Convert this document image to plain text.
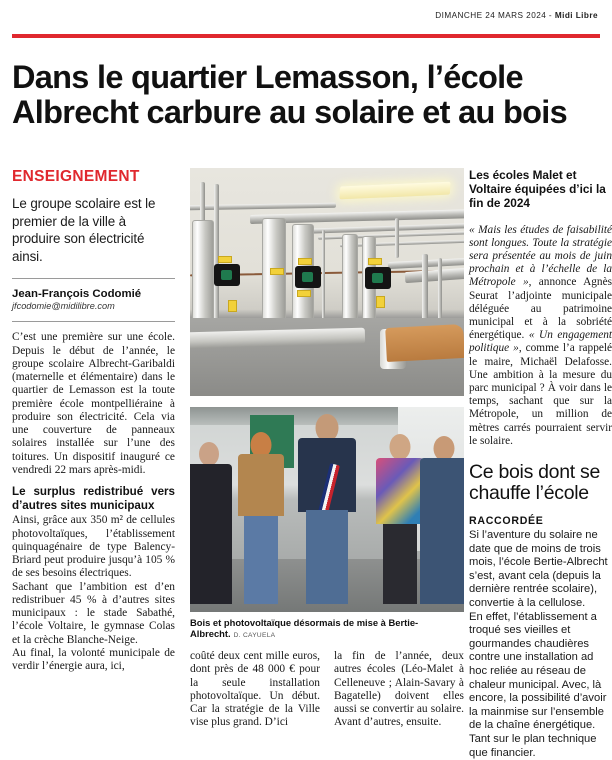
DIMANCHE 24 MARS 2024 - Midi Libre
Dans le quartier Lemasson, l’école Albrecht carbure au solaire et au bois
ENSEIGNEMENT
Le groupe scolaire est le premier de la ville à produire son électricité ainsi.
Jean-François Codomié
jfcodomie@midilibre.com

C’est une première sur une école. Depuis le début de l’année, le groupe scolaire Albrecht-Garibaldi (maternelle et élémentaire) dans le quartier de Lemasson est la toute première école montpelliéraine à produire son électricité. Cela via une couverture de panneaux solaires installée sur l’une des toitures. Un dispositif inauguré ce vendredi 22 mars après-midi.

Le surplus redistribué vers d’autres sites municipaux

Ainsi, grâce aux 350 m² de cellules photovoltaïques, l’établissement quinquagénaire de type Balency-Briard peut produire jusqu’à 105 % de ses besoins électriques.

Sachant que l’ambition est d’en redistribuer 45 % à d’autres sites municipaux : le stade Sabathé, l’école Voltaire, le gymnase Colas et la crèche Blanche-Neige.

Au final, la volonté municipale de verdir l’énergie aura, ici,

Bois et photovoltaïque désormais de mise à Bertie-Albrecht. D. CAYUELA

coûté deux cent mille euros, dont près de 48 000 € pour la seule installation photovoltaïque. Un début. Car la stratégie de la Ville vise plus grand. D’ici

la fin de l’année, deux autres écoles (Léo-Malet à Celleneuve ; Alain-Savary à Bagatelle) doivent elles aussi se convertir au solaire. Avant d’autres, ensuite.

Les écoles Malet et Voltaire équipées d’ici la fin de 2024

« Mais les études de faisabilité sont longues. Toute la stratégie sera présentée au mois de juin prochain et à l’échelle de la Métropole », annonce Agnès Seurat l’adjointe municipale déléguée au patrimoine municipal et à la sobriété énergétique. « Un engagement politique », comme l’a rappelé le maire, Michaël Delafosse. Une ambition à la mesure du parc municipal ? À voir dans le temps, sachant que sur la Métropole, un million de mètres carrés pourraient servir le solaire.

Ce bois dont se chauffe l’école
RACCORDÉE

Si l’aventure du solaire ne date que de moins de trois mois, l’école Bertie-Albrecht s’est, avant cela (depuis la dernière rentrée scolaire), convertie à la cellulose.

En effet, l’établissement a troqué ses vieilles et gourmandes chaudières contre une installation ad hoc reliée au réseau de chaleur municipal. Avec, là encore, la possibilité d’avoir la mainmise sur l’ensemble de la chaîne énergétique. Tant sur le plan technique que financier.
